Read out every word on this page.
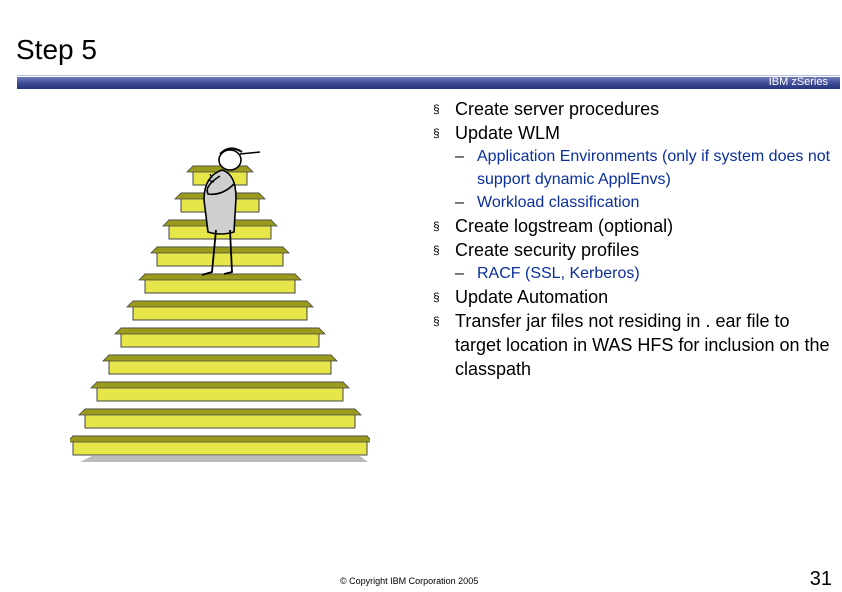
Step 5
IBM zSeries
§ Create server procedures
§ Update WLM
– Application Environments (only if system does not support dynamic ApplEnvs)
– Workload classification
§ Create logstream (optional)
§ Create security profiles
– RACF (SSL, Kerberos)
§ Update Automation
§ Transfer jar files not residing in . ear file to target location in WAS HFS for inclusion on the classpath
© Copyright IBM Corporation 2005	31
